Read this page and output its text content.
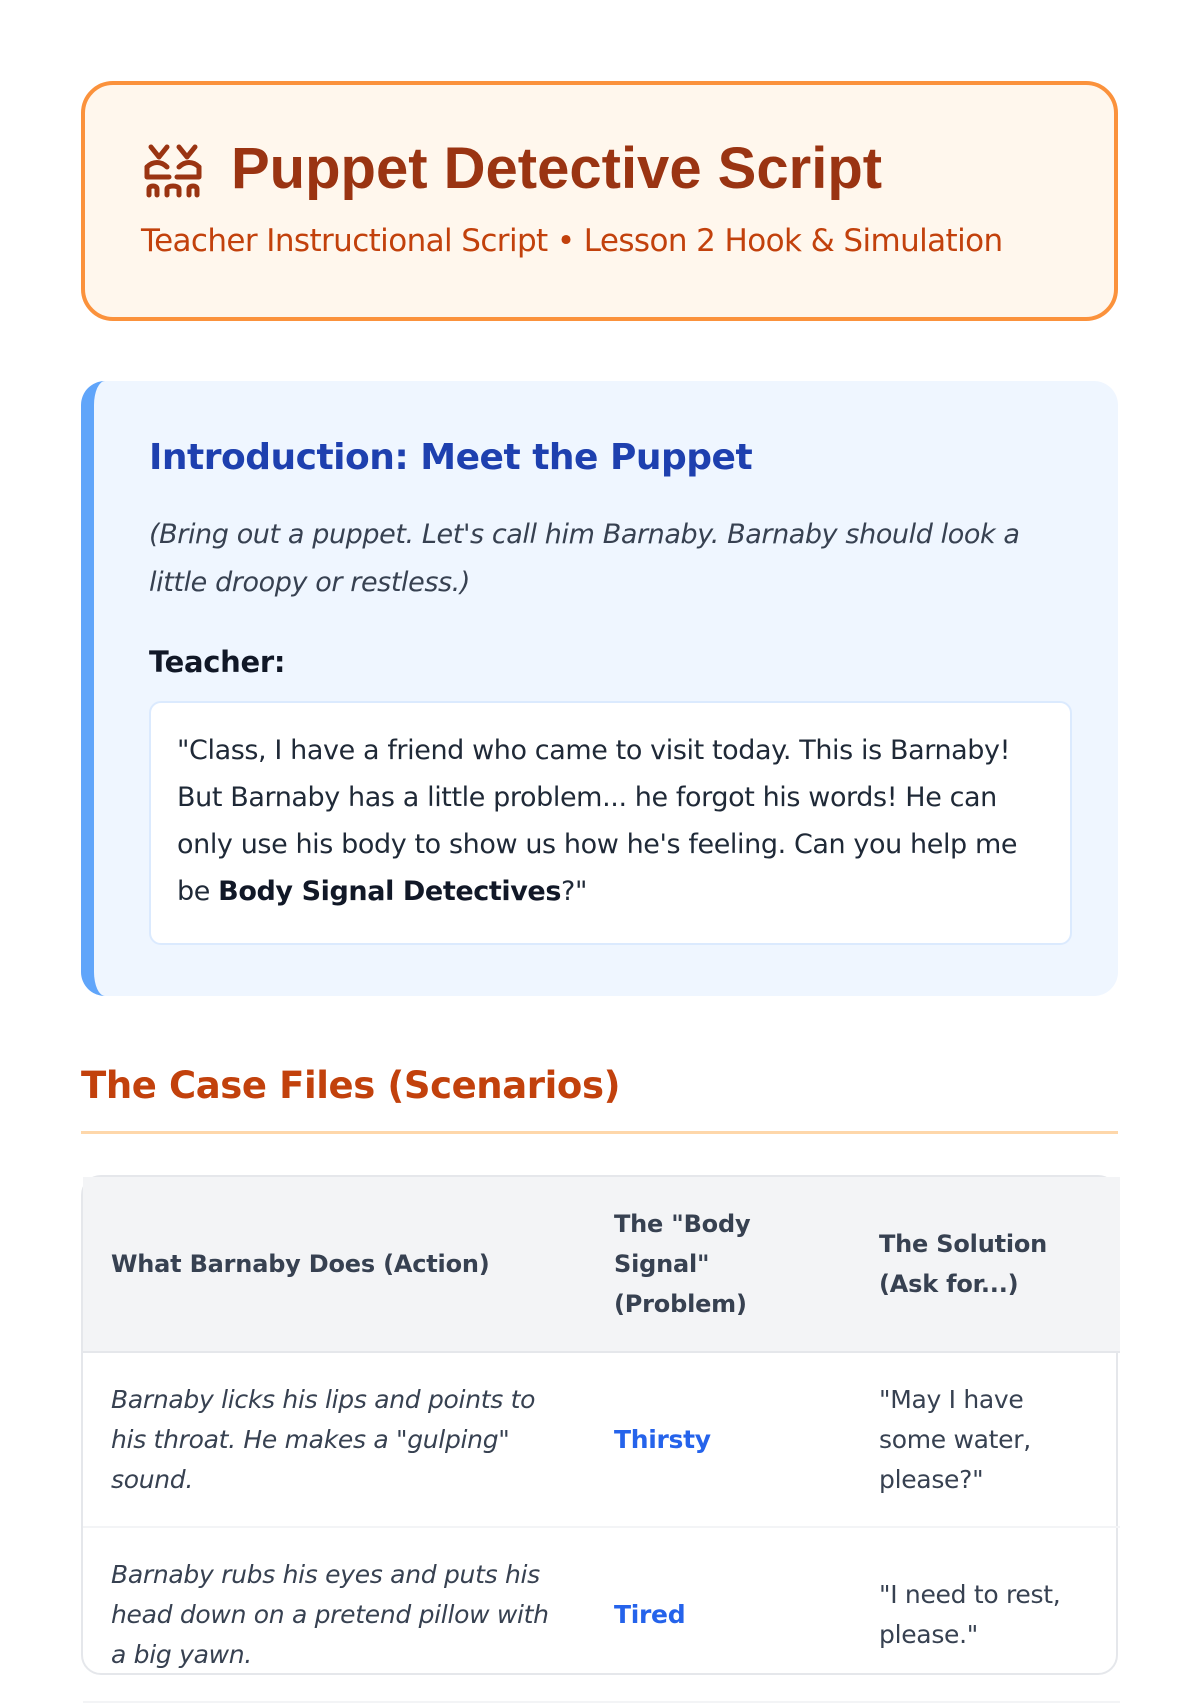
Puppet Detective Script
Teacher Instructional Script • Lesson 2 Hook & Simulation
Introduction: Meet the Puppet
(Bring out a puppet. Let's call him Barnaby. Barnaby should look a little droopy or restless.)
Teacher:
"Class, I have a friend who came to visit today. This is Barnaby! But Barnaby has a little problem... he forgot his words! He can only use his body to show us how he's feeling. Can you help me be Body Signal Detectives?"
The Case Files (Scenarios)
What Barnaby Does (Action)	The "Body Signal" (Problem)	The Solution (Ask for...)
Barnaby licks his lips and points to his throat. He makes a "gulping" sound.	Thirsty	"May I have some water, please?"
Barnaby rubs his eyes and puts his head down on a pretend pillow with a big yawn.	Tired	"I need to rest, please."
